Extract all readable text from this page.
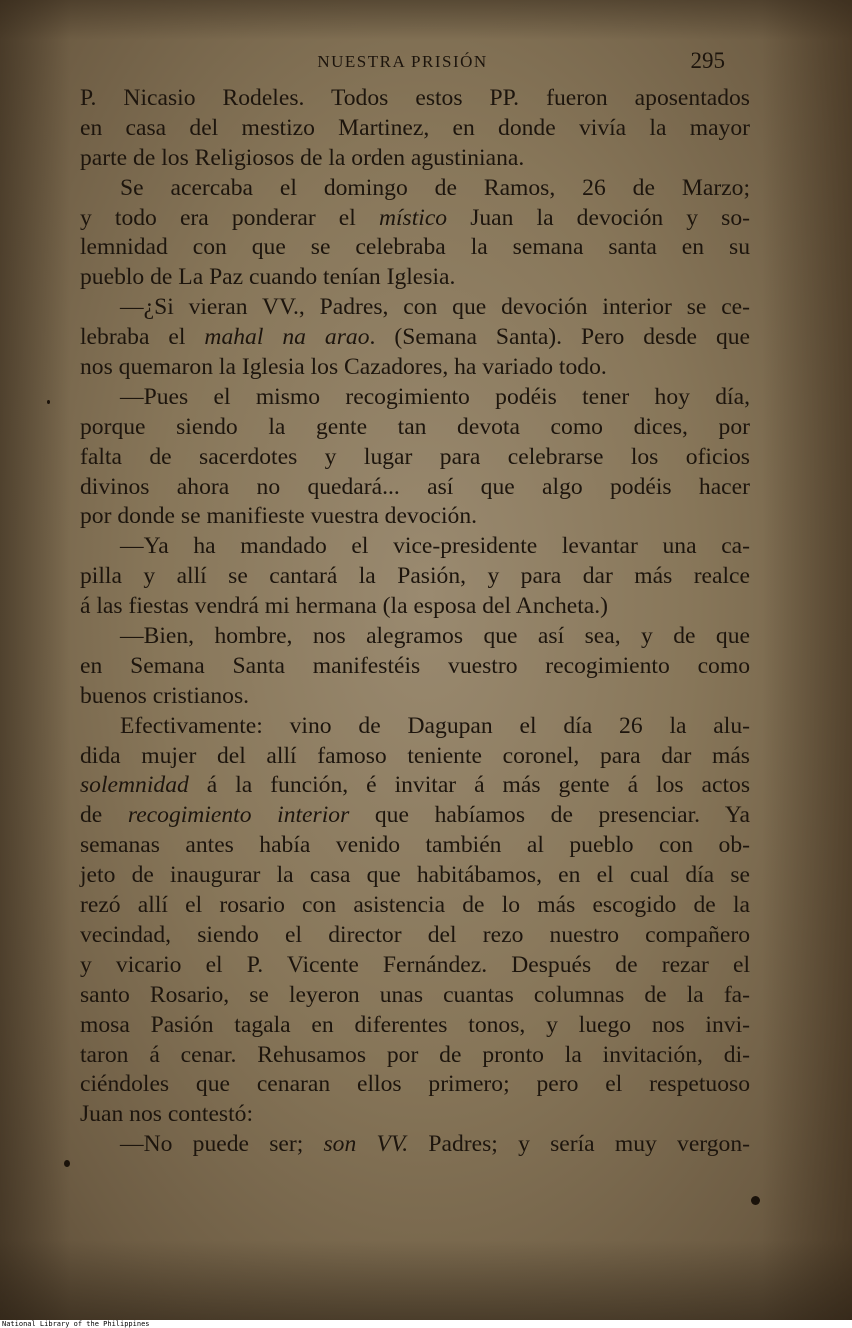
NUESTRA PRISIÓN	295
P. Nicasio Rodeles. Todos estos PP. fueron aposentados
en casa del mestizo Martinez, en donde vivía la mayor
parte de los Religiosos de la orden agustiniana.
Se acercaba el domingo de Ramos, 26 de Marzo;
y todo era ponderar el místico Juan la devoción y so-
lemnidad con que se celebraba la semana santa en su
pueblo de La Paz cuando tenían Iglesia.
—¿Si vieran VV., Padres, con que devoción interior se ce-
lebraba el mahal na arao. (Semana Santa). Pero desde que
nos quemaron la Iglesia los Cazadores, ha variado todo.
—Pues el mismo recogimiento podéis tener hoy día,
porque siendo la gente tan devota como dices, por
falta de sacerdotes y lugar para celebrarse los oficios
divinos ahora no quedará... así que algo podéis hacer
por donde se manifieste vuestra devoción.
—Ya ha mandado el vice-presidente levantar una ca-
pilla y allí se cantará la Pasión, y para dar más realce
á las fiestas vendrá mi hermana (la esposa del Ancheta.)
—Bien, hombre, nos alegramos que así sea, y de que
en Semana Santa manifestéis vuestro recogimiento como
buenos cristianos.
Efectivamente: vino de Dagupan el día 26 la alu-
dida mujer del allí famoso teniente coronel, para dar más
solemnidad á la función, é invitar á más gente á los actos
de recogimiento interior que habíamos de presenciar. Ya
semanas antes había venido también al pueblo con ob-
jeto de inaugurar la casa que habitábamos, en el cual día se
rezó allí el rosario con asistencia de lo más escogido de la
vecindad, siendo el director del rezo nuestro compañero
y vicario el P. Vicente Fernández. Después de rezar el
santo Rosario, se leyeron unas cuantas columnas de la fa-
mosa Pasión tagala en diferentes tonos, y luego nos invi-
taron á cenar. Rehusamos por de pronto la invitación, di-
ciéndoles que cenaran ellos primero; pero el respetuoso
Juan nos contestó:
—No puede ser; son VV. Padres; y sería muy vergon-
National Library of the Philippines
